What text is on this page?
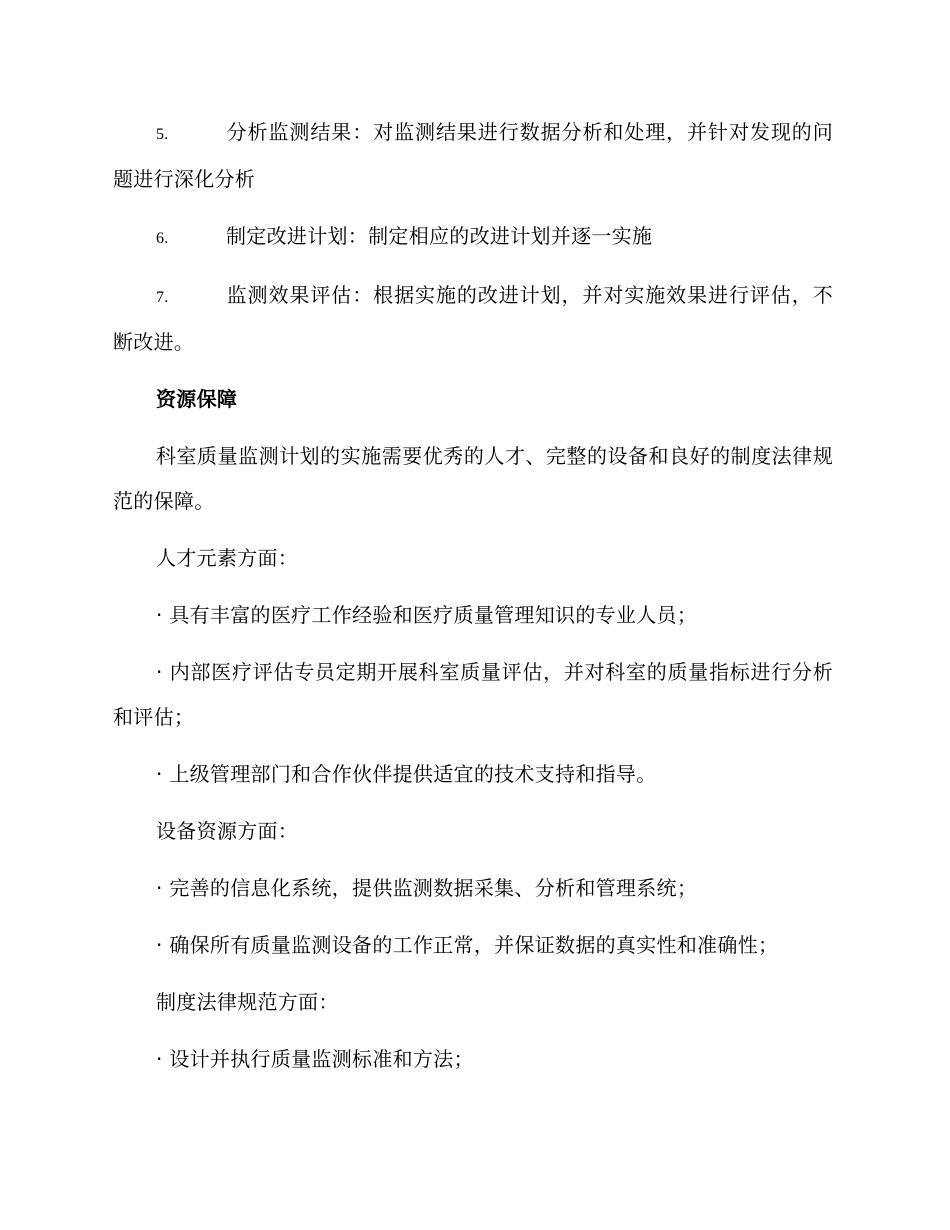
5.	分析监测结果：对监测结果进行数据分析和处理，并针对发现的问题进行深化分析

6.	制定改进计划：制定相应的改进计划并逐一实施

7.	监测效果评估：根据实施的改进计划，并对实施效果进行评估，不断改进。

资源保障

科室质量监测计划的实施需要优秀的人才、完整的设备和良好的制度法律规范的保障。

人才元素方面：

· 具有丰富的医疗工作经验和医疗质量管理知识的专业人员；

· 内部医疗评估专员定期开展科室质量评估，并对科室的质量指标进行分析和评估；

· 上级管理部门和合作伙伴提供适宜的技术支持和指导。

设备资源方面：

· 完善的信息化系统，提供监测数据采集、分析和管理系统；

· 确保所有质量监测设备的工作正常，并保证数据的真实性和准确性；

制度法律规范方面：

· 设计并执行质量监测标准和方法；
